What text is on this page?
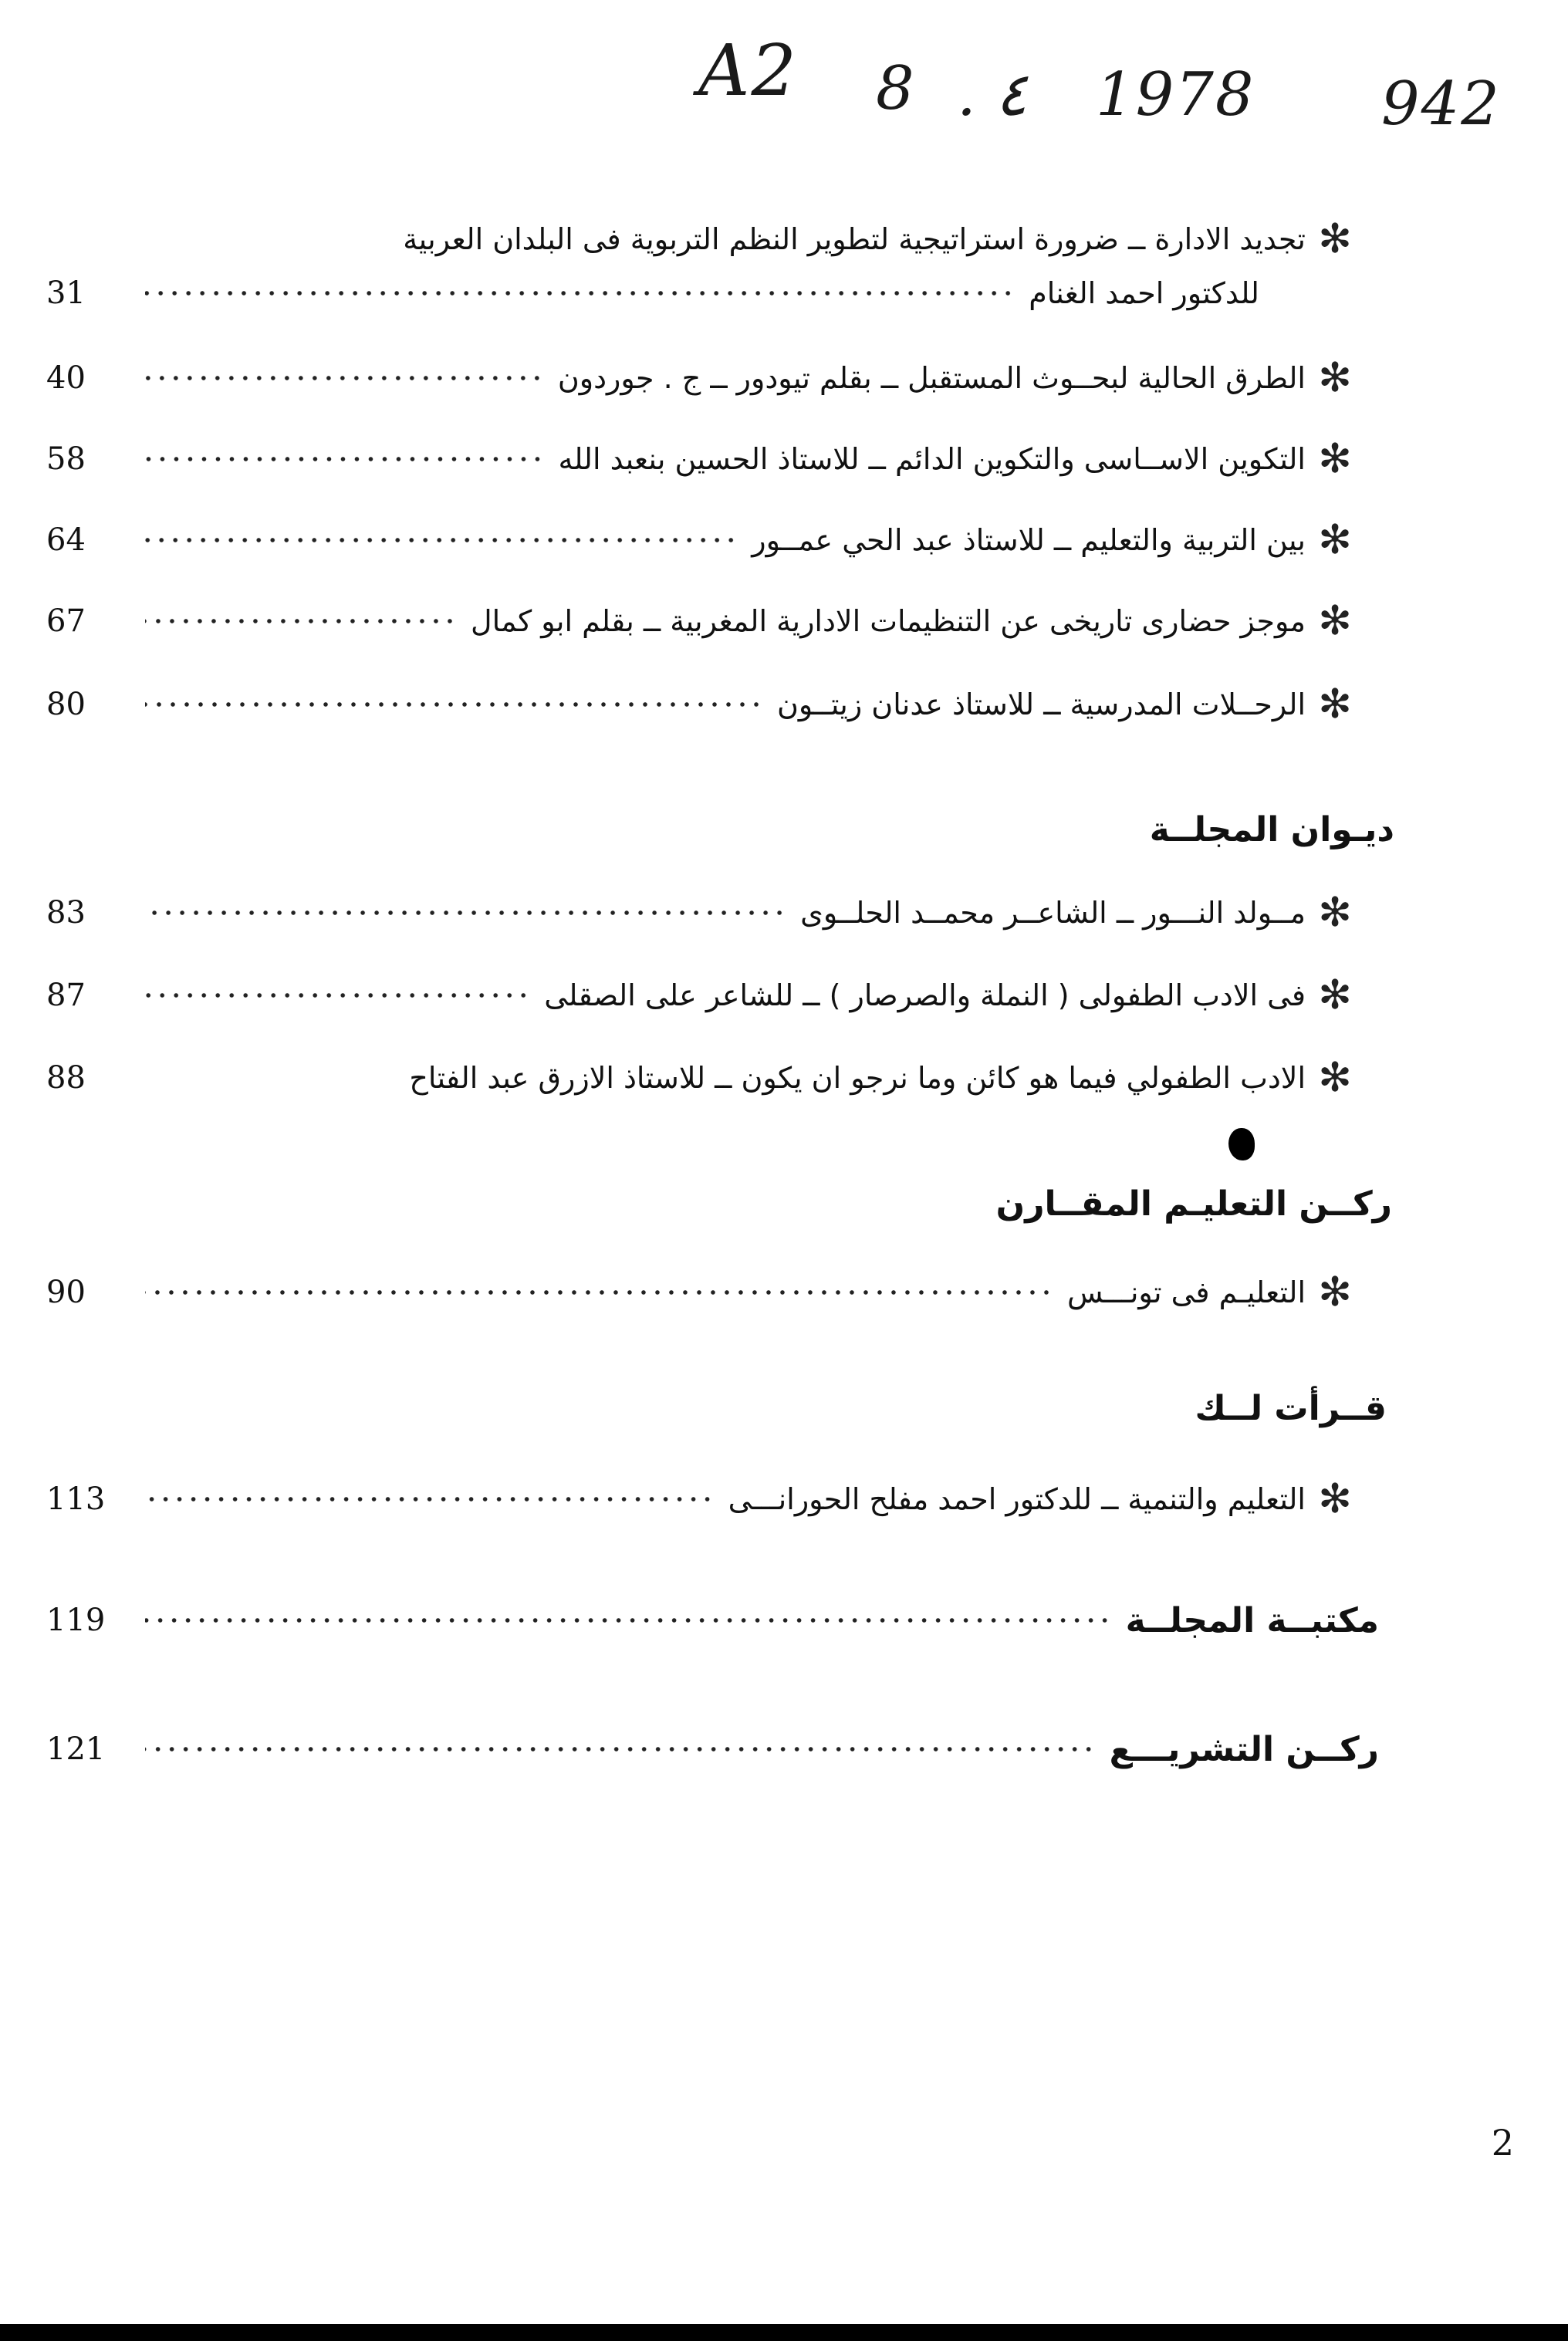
A2 8 . ٤ 1978 942
✻
تجديد الادارة ــ ضرورة استراتيجية لتطوير النظم التربوية فى البلدان العربية
للدكتور احمد الغنام
31
✻
الطرق الحالية لبحــوث المستقبل ــ بقلم تيودور ــ ج . جوردون
40
✻
التكوين الاســاسى والتكوين الدائم ــ للاستاذ الحسين بنعبد الله
58
✻
بين التربية والتعليم ــ للاستاذ عبد الحي عمــور
64
✻
موجز حضارى تاريخى عن التنظيمات الادارية المغربية ــ بقلم ابو كمال
67
✻
الرحــلات المدرسية ــ للاستاذ عدنان زيتــون
80
ديـوان المجلــة
✻
مــولد النـــور ــ الشاعــر محمــد الحلــوى
83
✻
فى الادب الطفولى ( النملة والصرصار ) ــ للشاعر على الصقلى
87
✻
الادب الطفولي فيما هو كائن وما نرجو ان يكون ــ للاستاذ الازرق عبد الفتاح
88
ركــن التعليـم المقــارن
✻
التعليـم فى تونـــس
90
قــرأت لــك
✻
التعليم والتنمية ــ للدكتور احمد مفلح الحورانـــى
113
مكتبــة المجلــة
119
ركــن التشريـــع
121
2
